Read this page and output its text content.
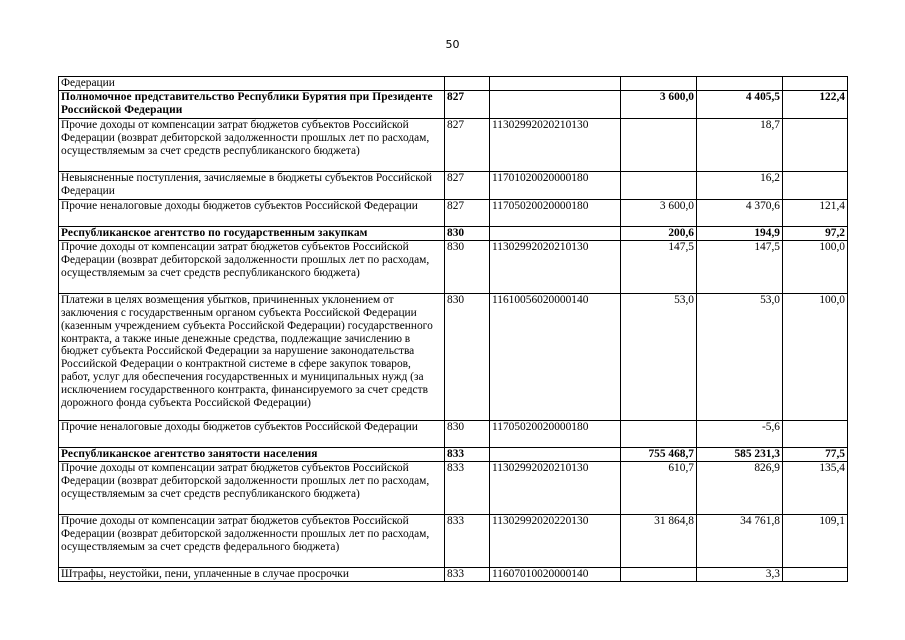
50
Федерации					
Полномочное представительство Республики Бурятия при Президенте Российской Федерации	827		3 600,0	4 405,5	122,4
Прочие доходы от компенсации затрат бюджетов субъектов Российской Федерации (возврат дебиторской задолженности прошлых лет по расходам, осуществляемым за счет средств республиканского бюджета)	827	11302992020210130		18,7	
Невыясненные поступления, зачисляемые в бюджеты субъектов Российской Федерации	827	11701020020000180		16,2	
Прочие неналоговые доходы бюджетов субъектов Российской Федерации	827	11705020020000180	3 600,0	4 370,6	121,4
Республиканское агентство по государственным закупкам	830		200,6	194,9	97,2
Прочие доходы от компенсации затрат бюджетов субъектов Российской Федерации (возврат дебиторской задолженности прошлых лет по расходам, осуществляемым за счет средств республиканского бюджета)	830	11302992020210130	147,5	147,5	100,0
Платежи в целях возмещения убытков, причиненных уклонением от заключения с государственным органом субъекта Российской Федерации (казенным учреждением субъекта Российской Федерации) государственного контракта, а также иные денежные средства, подлежащие зачислению в бюджет субъекта Российской Федерации за нарушение законодательства Российской Федерации о контрактной системе в сфере закупок товаров, работ, услуг для обеспечения государственных и муниципальных нужд (за исключением государственного контракта, финансируемого за счет средств дорожного фонда субъекта Российской Федерации)	830	11610056020000140	53,0	53,0	100,0
Прочие неналоговые доходы бюджетов субъектов Российской Федерации	830	11705020020000180		-5,6	
Республиканское агентство занятости населения	833		755 468,7	585 231,3	77,5
Прочие доходы от компенсации затрат бюджетов субъектов Российской Федерации (возврат дебиторской задолженности прошлых лет по расходам, осуществляемым за счет средств республиканского бюджета)	833	11302992020210130	610,7	826,9	135,4
Прочие доходы от компенсации затрат бюджетов субъектов Российской Федерации (возврат дебиторской задолженности прошлых лет по расходам, осуществляемым за счет средств федерального бюджета)	833	11302992020220130	31 864,8	34 761,8	109,1
Штрафы, неустойки, пени, уплаченные в случае просрочки	833	11607010020000140		3,3	
